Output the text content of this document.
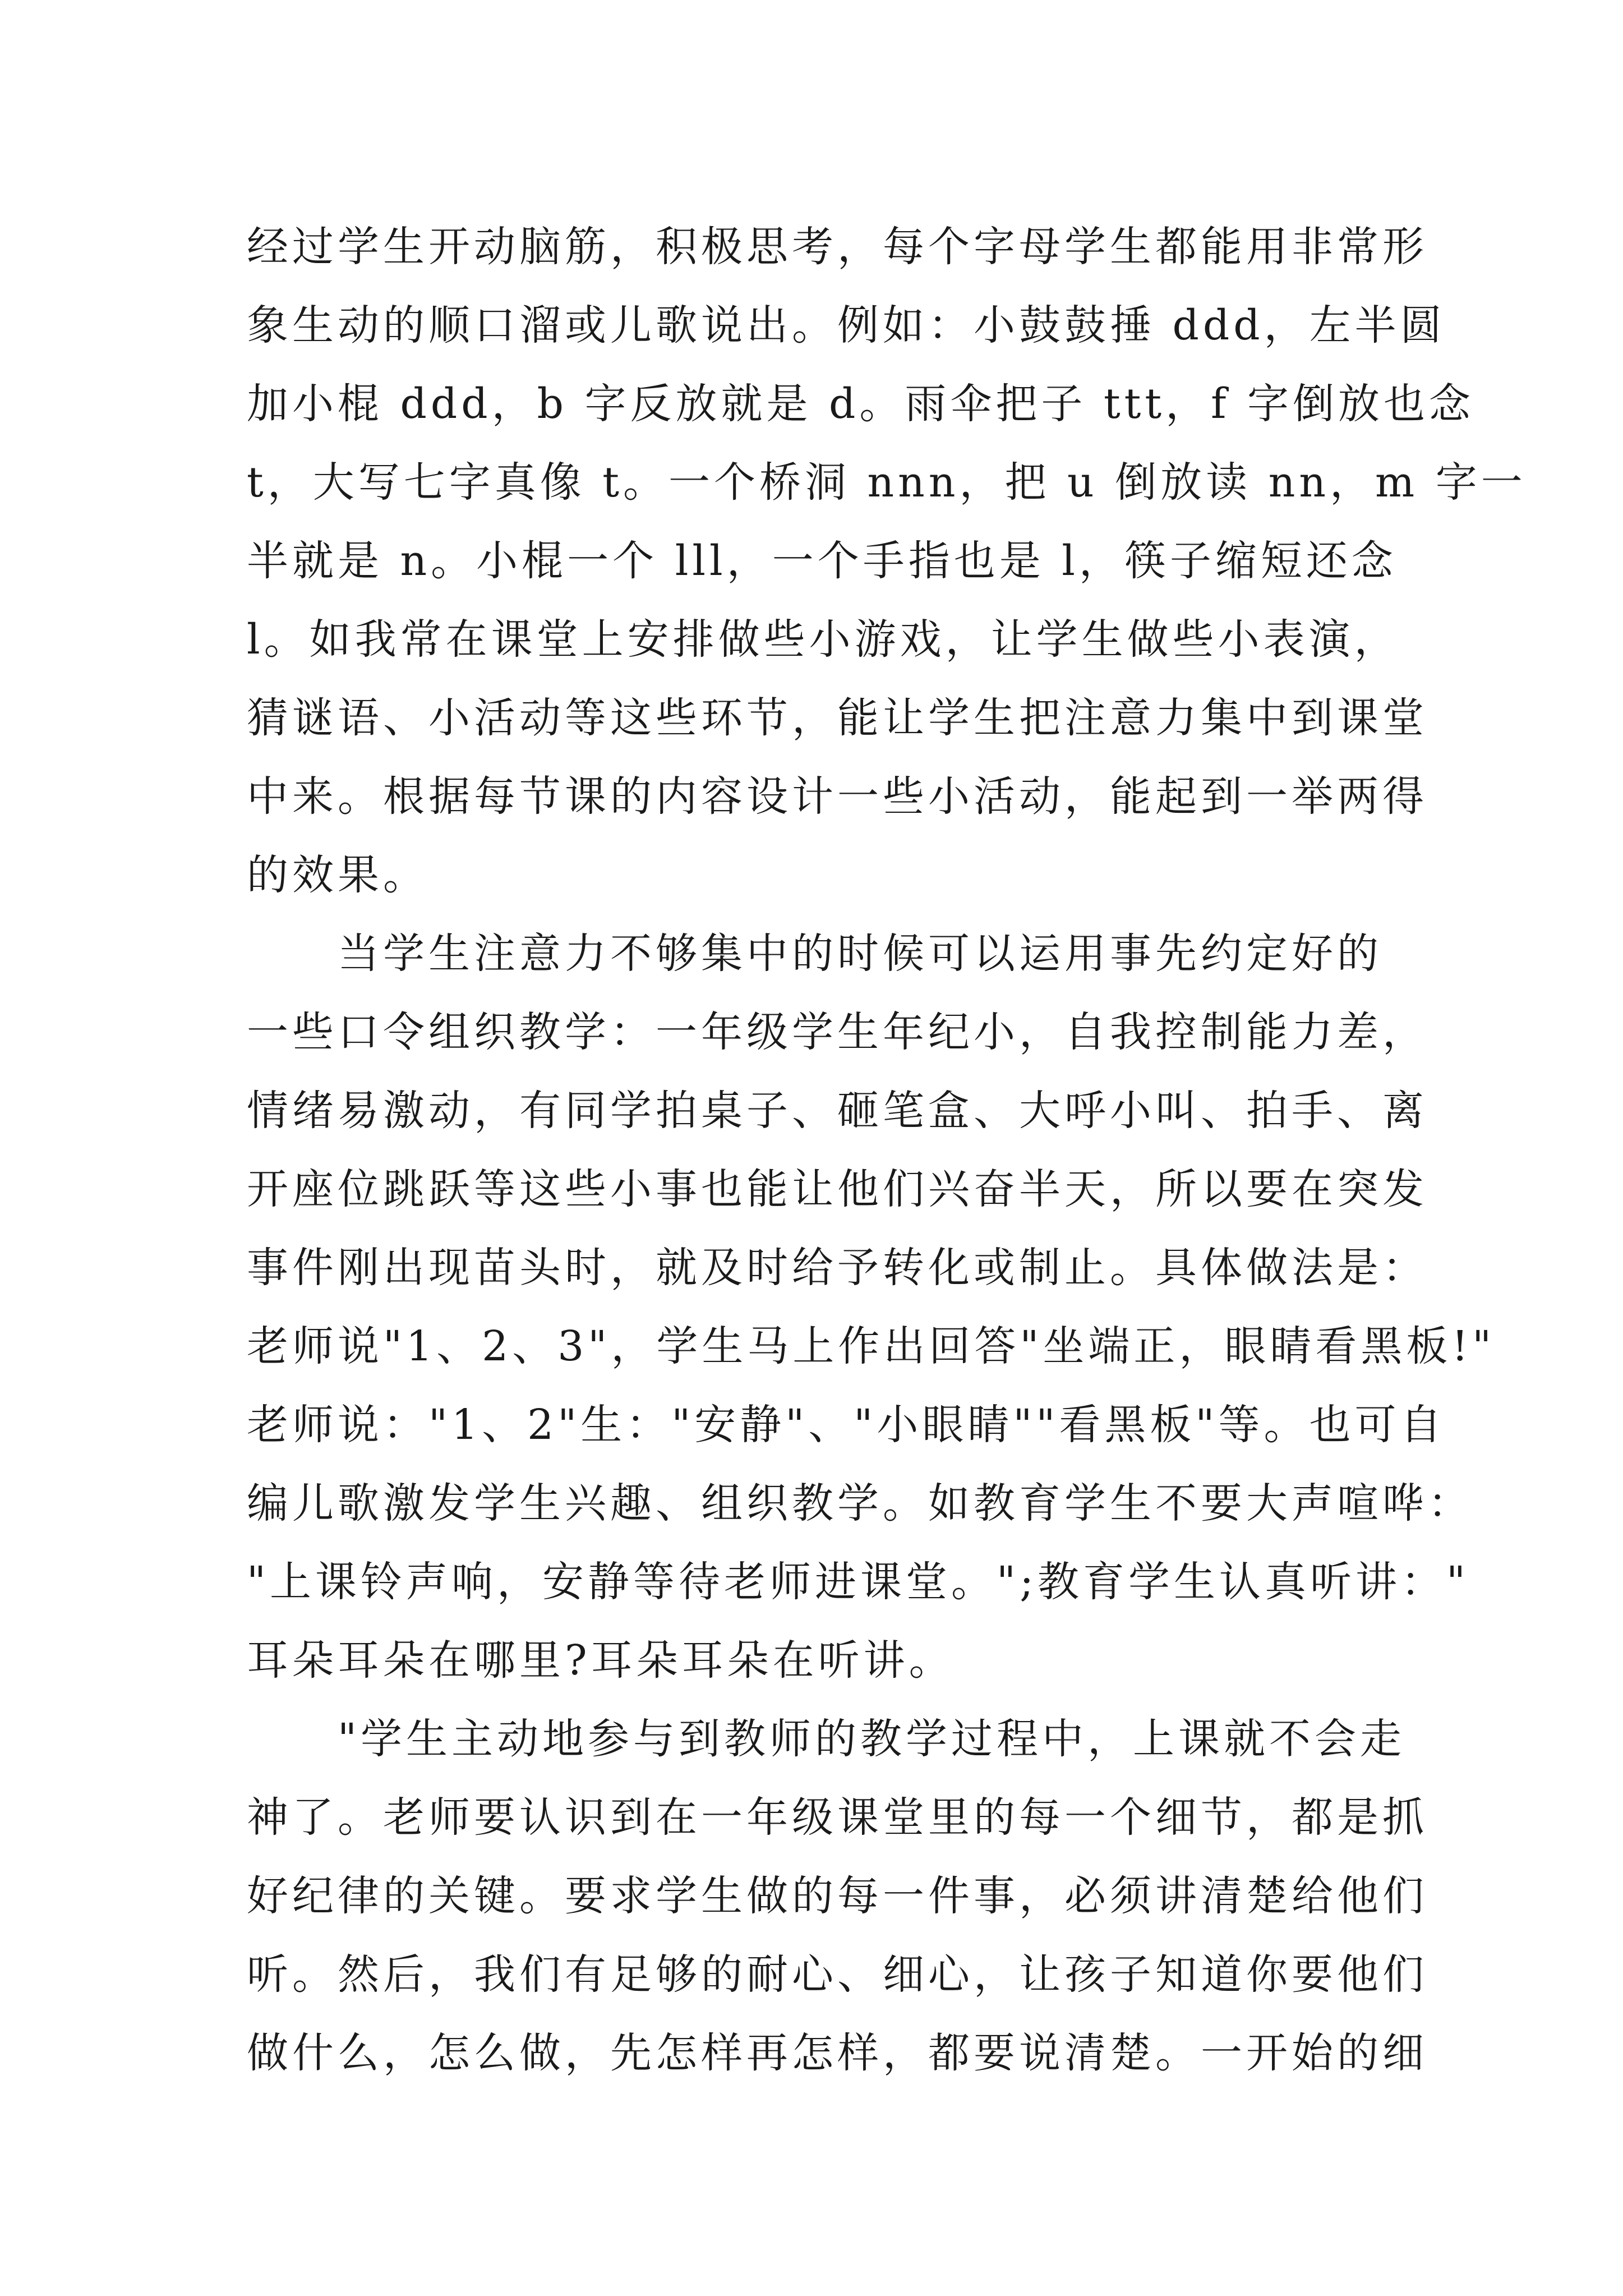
经过学生开动脑筋，积极思考，每个字母学生都能用非常形
象生动的顺口溜或儿歌说出。例如：小鼓鼓捶 ddd，左半圆
加小棍 ddd，b 字反放就是 d。雨伞把子 ttt，f 字倒放也念
t，大写七字真像 t。一个桥洞 nnn，把 u 倒放读 nn，m 字一
半就是 n。小棍一个 lll，一个手指也是 l，筷子缩短还念
l。如我常在课堂上安排做些小游戏，让学生做些小表演，
猜谜语、小活动等这些环节，能让学生把注意力集中到课堂
中来。根据每节课的内容设计一些小活动，能起到一举两得
的效果。
　　当学生注意力不够集中的时候可以运用事先约定好的
一些口令组织教学：一年级学生年纪小，自我控制能力差，
情绪易激动，有同学拍桌子、砸笔盒、大呼小叫、拍手、离
开座位跳跃等这些小事也能让他们兴奋半天，所以要在突发
事件刚出现苗头时，就及时给予转化或制止。具体做法是：
老师说"1、2、3"，学生马上作出回答"坐端正，眼睛看黑板!"
老师说："1、2"生："安静"、"小眼睛""看黑板"等。也可自
编儿歌激发学生兴趣、组织教学。如教育学生不要大声喧哗：
"上课铃声响，安静等待老师进课堂。";教育学生认真听讲："
耳朵耳朵在哪里?耳朵耳朵在听讲。
　　"学生主动地参与到教师的教学过程中，上课就不会走
神了。老师要认识到在一年级课堂里的每一个细节，都是抓
好纪律的关键。要求学生做的每一件事，必须讲清楚给他们
听。然后，我们有足够的耐心、细心，让孩子知道你要他们
做什么，怎么做，先怎样再怎样，都要说清楚。一开始的细
